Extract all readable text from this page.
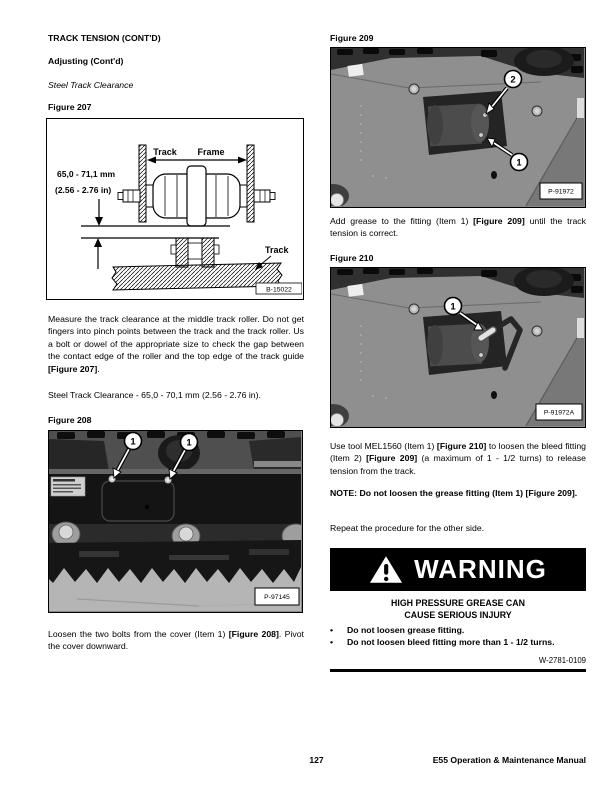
TRACK TENSION (CONT'D)
Adjusting (Cont'd)
Steel Track Clearance
Figure 207
Track Frame
65,0 - 71,1 mm
(2.56 - 2.76 in)
Track
B-15022

Measure the track clearance at the middle track roller. Do not get fingers into pinch points between the track and the track roller. Us a bolt or dowel of the appropriate size to check the gap between the contact edge of the roller and the top edge of the track guide [Figure 207].

Steel Track Clearance - 65,0 - 70,1 mm (2.56 - 2.76 in).

Figure 208
1	1
P-97145

Loosen the two bolts from the cover (Item 1) [Figure 208]. Pivot the cover downward.

Figure 209
2
1
P-91972

Add grease to the fitting (Item 1) [Figure 209] until the track tension is correct.

Figure 210
1
P-91972A

Use tool MEL1560 (Item 1) [Figure 210] to loosen the bleed fitting (Item 2) [Figure 209] (a maximum of 1 - 1/2 turns) to release tension from the track.

NOTE: Do not loosen the grease fitting (Item 1) [Figure 209].

Repeat the procedure for the other side.

WARNING
HIGH PRESSURE GREASE CAN
CAUSE SERIOUS INJURY
•	Do not loosen grease fitting.
•	Do not loosen bleed fitting more than 1 - 1/2 turns.
W-2781-0109
127	E55 Operation & Maintenance Manual
